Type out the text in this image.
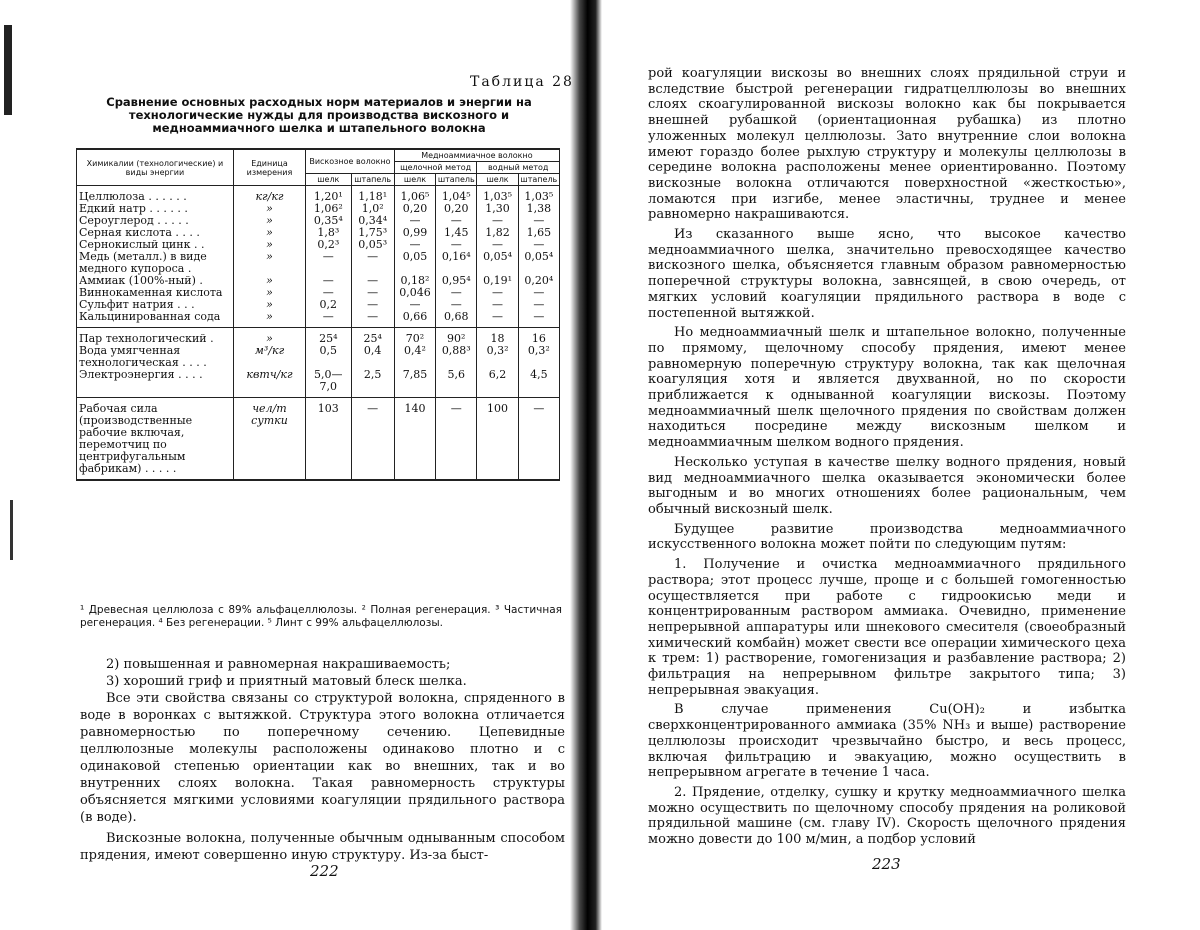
Таблица 28
Сравнение основных расходных норм материалов и энергии на технологические нужды для производства вискозного и медноаммиачного шелка и штапельного волокна
Химикалии (технологические) и виды энергии	Единица измерения	Вискозное волокно		Медноаммиачное волокно			
				щелочной метод		водный метод	
		шелк	штапель	шелк	штапель	шелк	штапель
Целлюлоза . . . . . .	кг/кг	1,20¹	1,18¹	1,06⁵	1,04⁵	1,03⁵	1,03⁵
Едкий натр . . . . . .	»	1,06²	1,0²	0,20	0,20	1,30	1,38
Сероуглерод . . . . .	»	0,35⁴	0,34⁴	—	—	—	—
Серная кислота . . . .	»	1,8³	1,75³	0,99	1,45	1,82	1,65
Сернокислый цинк . .	»	0,2³	0,05³	—	—	—	—
Медь (металл.) в виде медного купороса .	»	—	—	0,05	0,16⁴	0,05⁴	0,05⁴
Аммиак (100%-ный) .	»	—	—	0,18²	0,95⁴	0,19¹	0,20⁴
Виннокаменная кислота	»	—	—	0,046	—	—	—
Сульфит натрия . . .	»	0,2	—	—	—	—	—
Кальцинированная сода	»	—	—	0,66	0,68	—	—
Пар технологический .	»	25⁴	25⁴	70²	90²	18	16
Вода умягченная технологическая . . . .	м³/кг	0,5	0,4	0,4²	0,88³	0,3²	0,3²
Электроэнергия . . . .	квтч/кг	5,0—7,0	2,5	7,85	5,6	6,2	4,5
Рабочая сила (производственные рабочие включая, перемотчиц по центрифугальным фабрикам) . . . . .	чел/т сутки	103	—	140	—	100	—
¹ Древесная целлюлоза с 89% альфацеллюлозы. ² Полная регенерация. ³ Частичная регенерация. ⁴ Без регенерации. ⁵ Линт с 99% альфацеллюлозы.

2) повышенная и равномерная накрашиваемость;

3) хороший гриф и приятный матовый блеск шелка.

Все эти свойства связаны со структурой волокна, спряденного в воде в воронках с вытяжкой. Структура этого волокна отличается равномерностью по поперечному сечению. Цепевидные целлюлозные молекулы расположены одинаково плотно и с одинаковой степенью ориентации как во внешних, так и во внутренних слоях волокна. Такая равномерность структуры объясняется мягкими условиями коагуляции прядильного раствора (в воде).

Вискозные волокна, полученные обычным одныванным способом прядения, имеют совершенно иную структуру. Из-за быст-

222

рой коагуляции вискозы во внешних слоях прядильной струи и вследствие быстрой регенерации гидратцеллюлозы во внешних слоях скоагулированной вискозы волокно как бы покрывается внешней рубашкой (ориентационная рубашка) из плотно уложенных молекул целлюлозы. Зато внутренние слои волокна имеют гораздо более рыхлую структуру и молекулы целлюлозы в середине волокна расположены менее ориентированно. Поэтому вискозные волокна отличаются поверхностной «жесткостью», ломаются при изгибе, менее эластичны, труднее и менее равномерно накрашиваются.

Из сказанного выше ясно, что высокое качество медноаммиачного шелка, значительно превосходящее качество вискозного шелка, объясняется главным образом равномерностью поперечной структуры волокна, завнсящей, в свою очередь, от мягких условий коагуляции прядильного раствора в воде с постепенной вытяжкой.

Но медноаммиачный шелк и штапельное волокно, полученные по прямому, щелочному способу прядения, имеют менее равномерную поперечную структуру волокна, так как щелочная коагуляция хотя и является двухванной, но по скорости приближается к одныванной коагуляции вискозы. Поэтому медноаммиачный шелк щелочного прядения по свойствам должен находиться посредине между вискозным шелком и медноаммиачным шелком водного прядения.

Несколько уступая в качестве шелку водного прядения, новый вид медноаммиачного шелка оказывается экономически более выгодным и во многих отношениях более рациональным, чем обычный вискозный шелк.

Будущее развитие производства медноаммиачного искусственного волокна может пойти по следующим путям:

1. Получение и очистка медноаммиачного прядильного раствора; этот процесс лучше, проще и с большей гомогенностью осуществляется при работе с гидроокисью меди и концентрированным раствором аммиака. Очевидно, применение непрерывной аппаратуры или шнекового смесителя (своеобразный химический комбайн) может свести все операции химического цеха к трем: 1) растворение, гомогенизация и разбавление раствора; 2) фильтрация на непрерывном фильтре закрытого типа; 3) непрерывная эвакуация.

В случае применения Cu(OH)₂ и избытка сверхконцентрированного аммиака (35% NH₃ и выше) растворение целлюлозы происходит чрезвычайно быстро, и весь процесс, включая фильтрацию и эвакуацию, можно осуществить в непрерывном агрегате в течение 1 часа.

2. Прядение, отделку, сушку и крутку медноаммиачного шелка можно осуществить по щелочному способу прядения на роликовой прядильной машине (см. главу IV). Скорость щелочного прядения можно довести до 100 м/мин, а подбор условий

223
